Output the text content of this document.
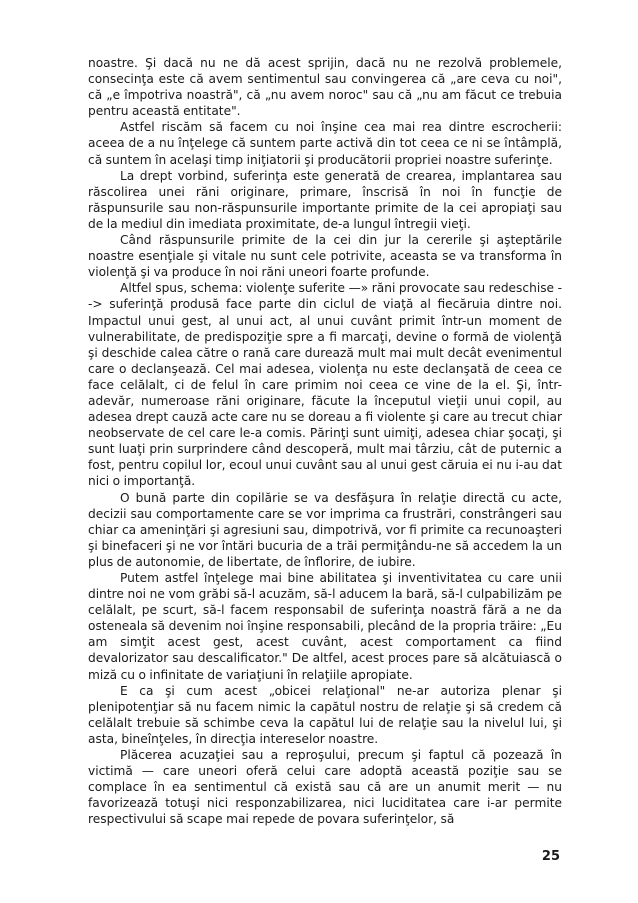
noastre. Şi dacă nu ne dă acest sprijin, dacă nu ne rezolvă problemele, consecinţa este că avem sentimentul sau convingerea că „are ceva cu noi", că „e împotriva noastră", că „nu avem noroc" sau că „nu am făcut ce trebuia pentru această entitate".

Astfel riscăm să facem cu noi înşine cea mai rea dintre escrocherii: aceea de a nu înţelege că suntem parte activă din tot ceea ce ni se întâmplă, că suntem în acelaşi timp iniţiatorii şi producătorii propriei noastre suferinţe.

La drept vorbind, suferinţa este generată de crearea, implantarea sau răscolirea unei răni originare, primare, înscrisă în noi în funcţie de răspunsurile sau non-răspunsurile importante primite de la cei apropiaţi sau de la mediul din imediata proximitate, de-a lungul întregii vieţi.

Când răspunsurile primite de la cei din jur la cererile şi aşteptările noastre esenţiale şi vitale nu sunt cele potrivite, aceasta se va transforma în violenţă şi va produce în noi răni uneori foarte profunde.

Altfel spus, schema: violenţe suferite —» răni provocate sau redeschise --> suferinţă produsă face parte din ciclul de viaţă al fiecăruia dintre noi. Impactul unui gest, al unui act, al unui cuvânt primit într-un moment de vulnerabilitate, de predispoziţie spre a fi marcaţi, devine o formă de violenţă şi deschide calea către o rană care durează mult mai mult decât evenimentul care o declanşează. Cel mai adesea, violenţa nu este declanşată de ceea ce face celălalt, ci de felul în care primim noi ceea ce vine de la el. Şi, într-adevăr, numeroase răni originare, făcute la începutul vieţii unui copil, au adesea drept cauză acte care nu se doreau a fi violente şi care au trecut chiar neobservate de cel care le-a comis. Părinţi sunt uimiţi, adesea chiar şocaţi, şi sunt luaţi prin surprindere când descoperă, mult mai târziu, cât de puternic a fost, pentru copilul lor, ecoul unui cuvânt sau al unui gest căruia ei nu i-au dat nici o importanţă.

O bună parte din copilărie se va desfăşura în relaţie directă cu acte, decizii sau comportamente care se vor imprima ca frustrări, constrângeri sau chiar ca ameninţări şi agresiuni sau, dimpotrivă, vor fi primite ca recunoaşteri şi binefaceri şi ne vor întări bucuria de a trăi permiţându-ne să accedem la un plus de autonomie, de libertate, de înflorire, de iubire.

Putem astfel înţelege mai bine abilitatea şi inventivitatea cu care unii dintre noi ne vom grăbi să-l acuzăm, să-l aducem la bară, să-l culpabilizăm pe celălalt, pe scurt, să-l facem responsabil de suferinţa noastră fără a ne da osteneala să devenim noi înşine responsabili, plecând de la propria trăire: „Eu am simţit acest gest, acest cuvânt, acest comportament ca fiind devalorizator sau descalificator." De altfel, acest proces pare să alcătuiască o miză cu o infinitate de variaţiuni în relaţiile apropiate.

E ca şi cum acest „obicei relaţional" ne-ar autoriza plenar şi plenipotenţiar să nu facem nimic la capătul nostru de relaţie şi să credem că celălalt trebuie să schimbe ceva la capătul lui de relaţie sau la nivelul lui, şi asta, bineînţeles, în direcţia intereselor noastre.

Plăcerea acuzaţiei sau a reproşului, precum şi faptul că pozează în victimă — care uneori oferă celui care adoptă această poziţie sau se complace în ea sentimentul că există sau că are un anumit merit — nu favorizează totuşi nici responzabilizarea, nici luciditatea care i-ar permite respectivului să scape mai repede de povara suferinţelor, să

25
